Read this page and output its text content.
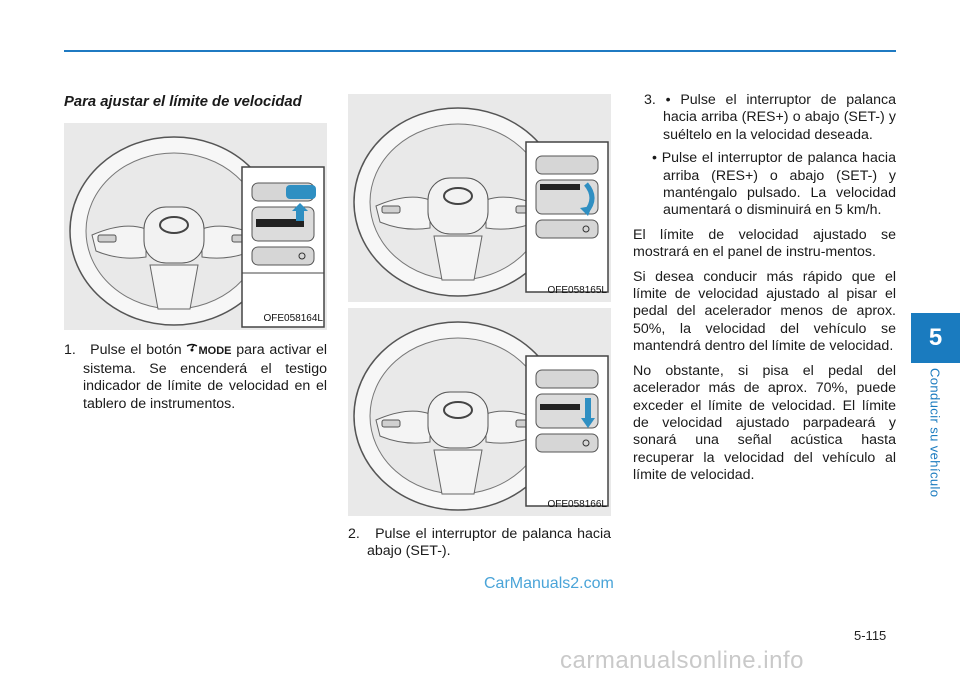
5
Conducir su vehículo

Para ajustar el límite de velocidad

OFE058164L

1. Pulse el botón MODE para activar el sistema. Se encenderá el testigo indicador de límite de velocidad en el tablero de instrumentos.

OFE058165L
OFE058166L

2. Pulse el interruptor de palanca hacia abajo (SET-).

3. • Pulse el interruptor de palanca hacia arriba (RES+) o abajo (SET-) y suéltelo en la velocidad deseada.

• Pulse el interruptor de palanca hacia arriba (RES+) o abajo (SET-) y manténgalo pulsado. La velocidad aumentará o disminuirá en 5 km/h.

El límite de velocidad ajustado se mostrará en el panel de instru-mentos.

Si desea conducir más rápido que el límite de velocidad ajustado al pisar el pedal del acelerador menos de aprox. 50%, la velocidad del vehículo se mantendrá dentro del límite de velocidad.

No obstante, si pisa el pedal del acelerador más de aprox. 70%, puede exceder el límite de velocidad. El límite de velocidad ajustado parpadeará y sonará una señal acústica hasta recuperar la velocidad del vehículo al límite de velocidad.

CarManuals2.com
5-115
carmanualsonline.info
